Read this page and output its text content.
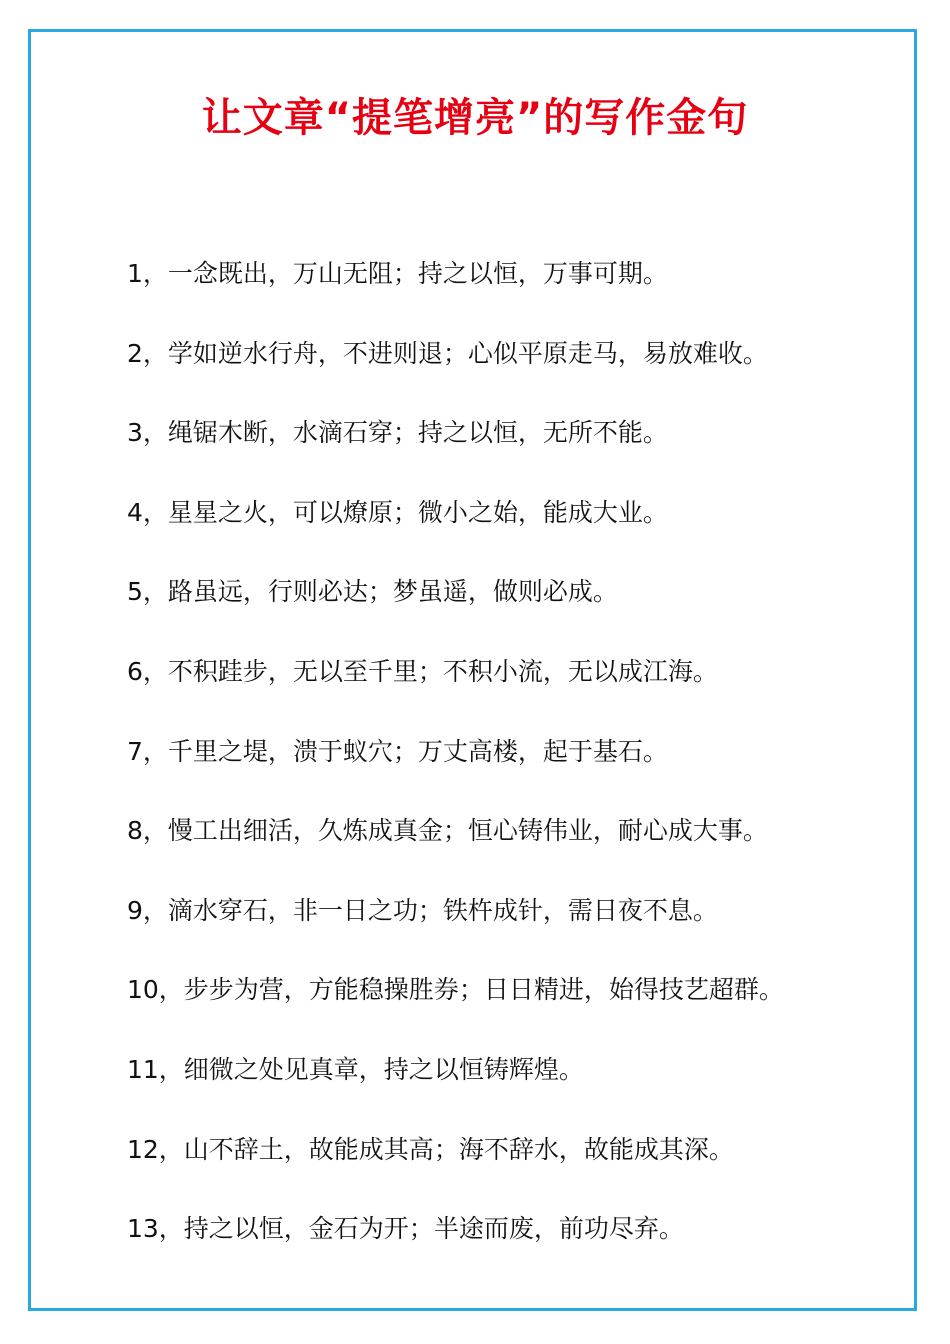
让文章“提笔增亮”的写作金句
1，一念既出，万山无阻；持之以恒，万事可期。
2，学如逆水行舟，不进则退；心似平原走马，易放难收。
3，绳锯木断，水滴石穿；持之以恒，无所不能。
4，星星之火，可以燎原；微小之始，能成大业。
5，路虽远，行则必达；梦虽遥，做则必成。
6，不积跬步，无以至千里；不积小流，无以成江海。
7，千里之堤，溃于蚁穴；万丈高楼，起于基石。
8，慢工出细活，久炼成真金；恒心铸伟业，耐心成大事。
9，滴水穿石，非一日之功；铁杵成针，需日夜不息。
10，步步为营，方能稳操胜券；日日精进，始得技艺超群。
11，细微之处见真章，持之以恒铸辉煌。
12，山不辞土，故能成其高；海不辞水，故能成其深。
13，持之以恒，金石为开；半途而废，前功尽弃。
